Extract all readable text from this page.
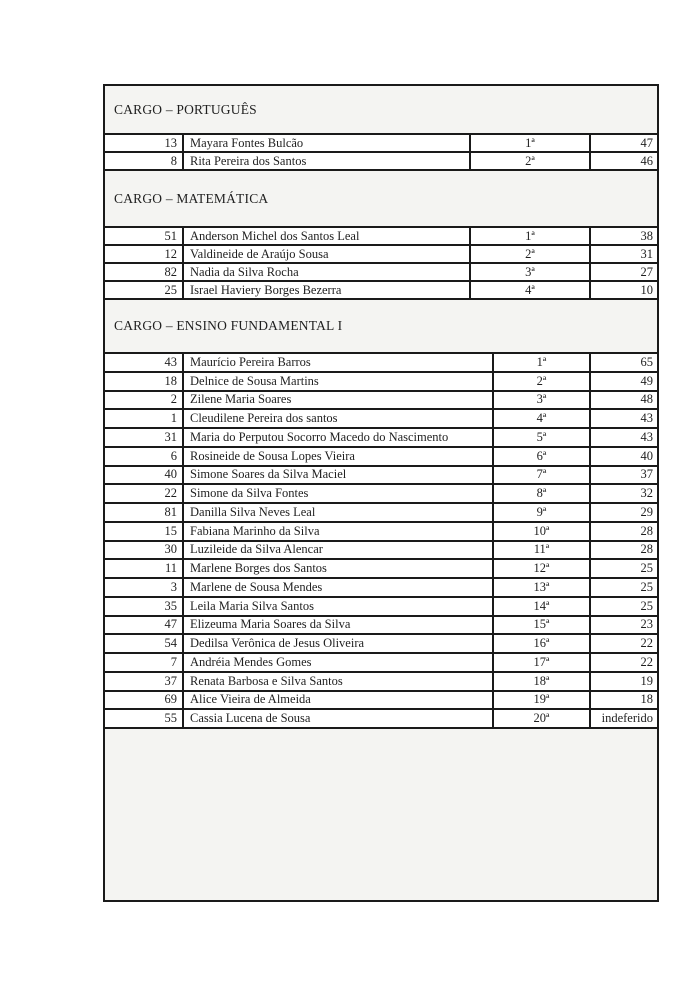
CARGO – PORTUGUÊS
13	Mayara Fontes Bulcão	1ª	47
8	Rita Pereira dos Santos	2ª	46
CARGO – MATEMÁTICA
51	Anderson Michel dos Santos Leal	1ª	38
12	Valdineide de Araújo Sousa	2ª	31
82	Nadia da Silva Rocha	3ª	27
25	Israel Haviery Borges Bezerra	4ª	10
CARGO – ENSINO FUNDAMENTAL I
43	Maurício Pereira Barros	1ª	65
18	Delnice de Sousa Martins	2ª	49
2	Zilene Maria Soares	3ª	48
1	Cleudilene Pereira dos santos	4ª	43
31	Maria do Perputou Socorro Macedo do Nascimento	5ª	43
6	Rosineide de Sousa Lopes Vieira	6ª	40
40	Simone Soares da Silva Maciel	7ª	37
22	Simone da Silva Fontes	8ª	32
81	Danilla Silva Neves Leal	9ª	29
15	Fabiana Marinho da Silva	10ª	28
30	Luzileide da Silva Alencar	11ª	28
11	Marlene Borges dos Santos	12ª	25
3	Marlene de Sousa Mendes	13ª	25
35	Leila Maria Silva Santos	14ª	25
47	Elizeuma Maria Soares da Silva	15ª	23
54	Dedilsa Verônica de Jesus Oliveira	16ª	22
7	Andréia Mendes Gomes	17ª	22
37	Renata Barbosa e Silva Santos	18ª	19
69	Alice Vieira de Almeida	19ª	18
55	Cassia Lucena de Sousa	20ª	indeferido
